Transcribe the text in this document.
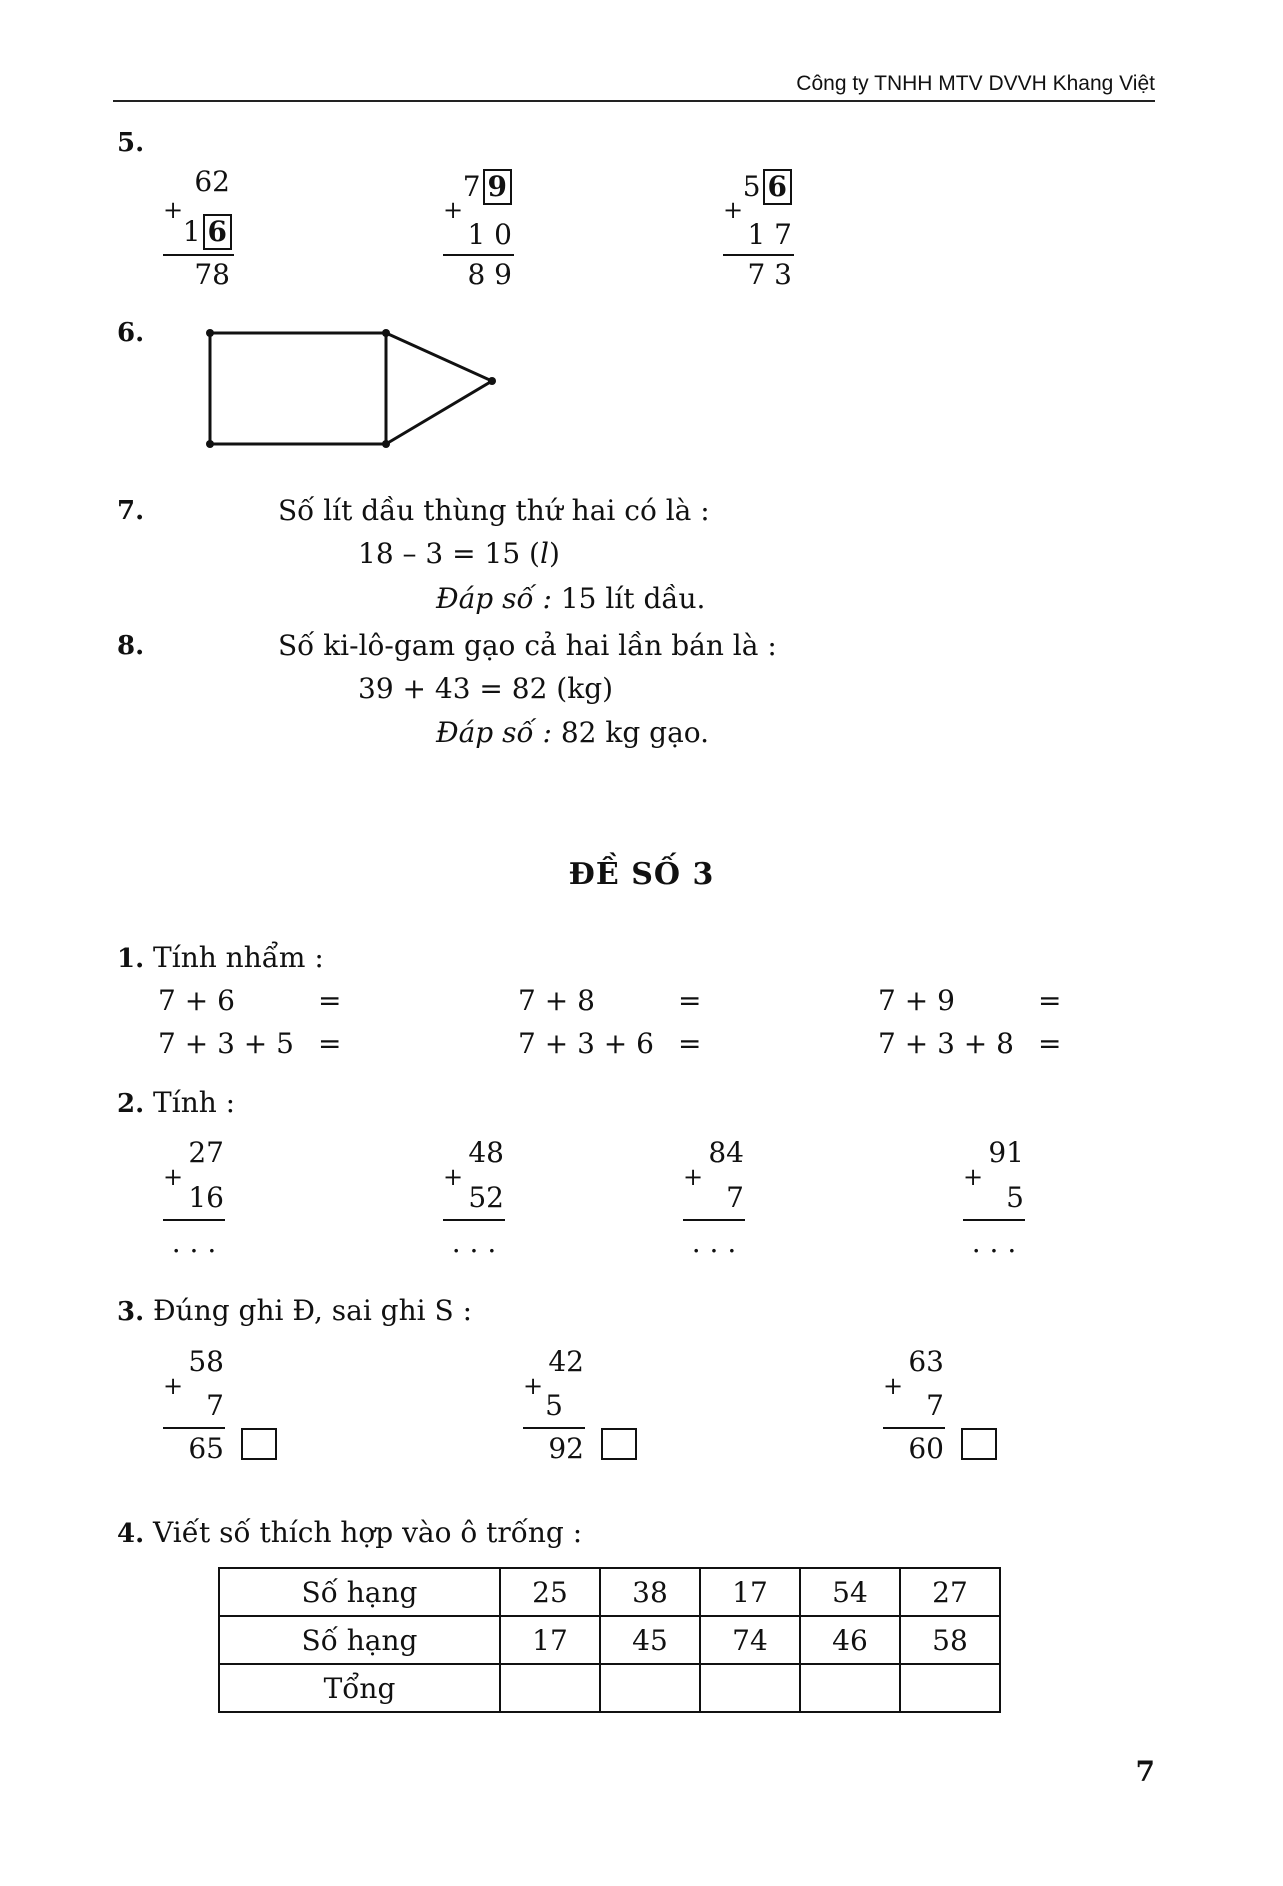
Công ty TNHH MTV DVVH Khang Việt
5.
62
+
1 6
78
7 9
+
1 0
8 9
5 6
+
1 7
7 3
6.
7.	Số lít dầu thùng thứ hai có là :
18 – 3 = 15 (l)
Đáp số : 15 lít dầu.
8.	Số ki-lô-gam gạo cả hai lần bán là :
39 + 43 = 82 (kg)
Đáp số : 82 kg gạo.
ĐỀ SỐ 3
1. Tính nhẩm :
7 + 6	=	7 + 8	=	7 + 9	=
7 + 3 + 5 =	7 + 3 + 6 =	7 + 3 + 8 =
2. Tính :
27
+
16
. . .
48
+
52
. . .
84
+
7
. . .
91
+
5
. . .
3. Đúng ghi Đ, sai ghi S :
58
+
7
65
42
+
5
92
63
+
7
60
4. Viết số thích hợp vào ô trống :
Số hạng	25	38	17	54	27
Số hạng	17	45	74	46	58
Tổng					
7
